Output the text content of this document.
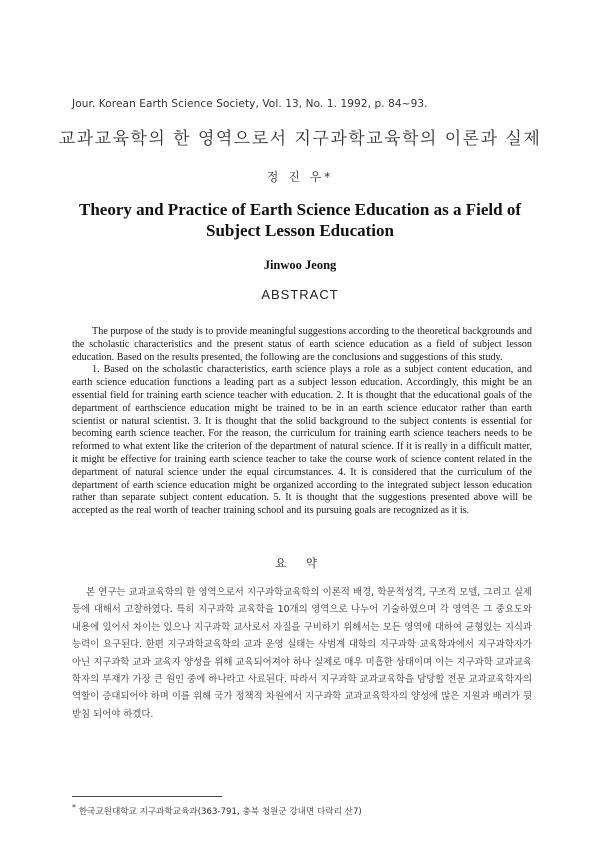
Jour. Korean Earth Science Society, Vol. 13, No. 1. 1992, p. 84~93.
교과교육학의 한 영역으로서 지구과학교육학의 이론과 실제
정 진 우*
Theory and Practice of Earth Science Education as a Field of Subject Lesson Education
Jinwoo Jeong
ABSTRACT

The purpose of the study is to provide meaningful suggestions according to the theoretical backgrounds and the scholastic characteristics and the present status of earth science education as a field of subject lesson education. Based on the results presented, the following are the conclusions and suggestions of this study.

1. Based on the scholastic characteristics, earth science plays a role as a subject content education, and earth science education functions a leading part as a subject lesson education. Accordingly, this might be an essential field for training earth science teacher with education. 2. It is thought that the educational goals of the department of earthscience education might be trained to be in an earth science educator rather than earth scientist or natural scientist. 3. It is thought that the solid background to the subject contents is essential for becoming earth science teacher. For the reason, the curriculum for training earth science teachers needs to be reformed to what extent like the criterion of the department of natural science. If it is really in a difficult matter, it might be effective for training earth science teacher to take the course work of science content related in the department of natural science under the equal circumstances. 4. It is considered that the curriculum of the department of earth science education might be organized according to the integrated subject lesson education rather than separate subject content education. 5. It is thought that the suggestions presented above will be accepted as the real worth of teacher training school and its pursuing goals are recognized as it is.

요 약

본 연구는 교과교육학의 한 영역으로서 지구과학교육학의 이론적 배경, 학문적성격, 구조적 모델, 그리고 실제 등에 대해서 고찰하였다. 특히 지구과학 교육학을 10개의 영역으로 나누어 기술하였으며 각 영역은 그 중요도와 내용에 있어서 차이는 있으나 지구과학 교사로서 자질을 구비하기 위해서는 모든 영역에 대하여 균형있는 지식과 능력이 요구된다. 한편 지구과학교육학의 교과 운영 실태는 사범계 대학의 지구과학 교육학과에서 지구과학자가 아닌 지구과학 교과 교육자 양성을 위해 교육되어져야 하나 실제로 매우 미흡한 상태이며 이는 지구과학 교과교육학자의 부재가 가장 큰 원인 중에 하나라고 사료된다. 따라서 지구과학 교과교육학을 담당할 전문 교과교육학자의 역할이 증대되어야 하며 이를 위해 국가 정책적 차원에서 지구과학 교과교육학자의 양성에 많은 지원과 배려가 뒷받침 되어야 하겠다.

* 한국교원대학교 지구과학교육과(363-791, 충북 청원군 강내면 다락리 산7)
